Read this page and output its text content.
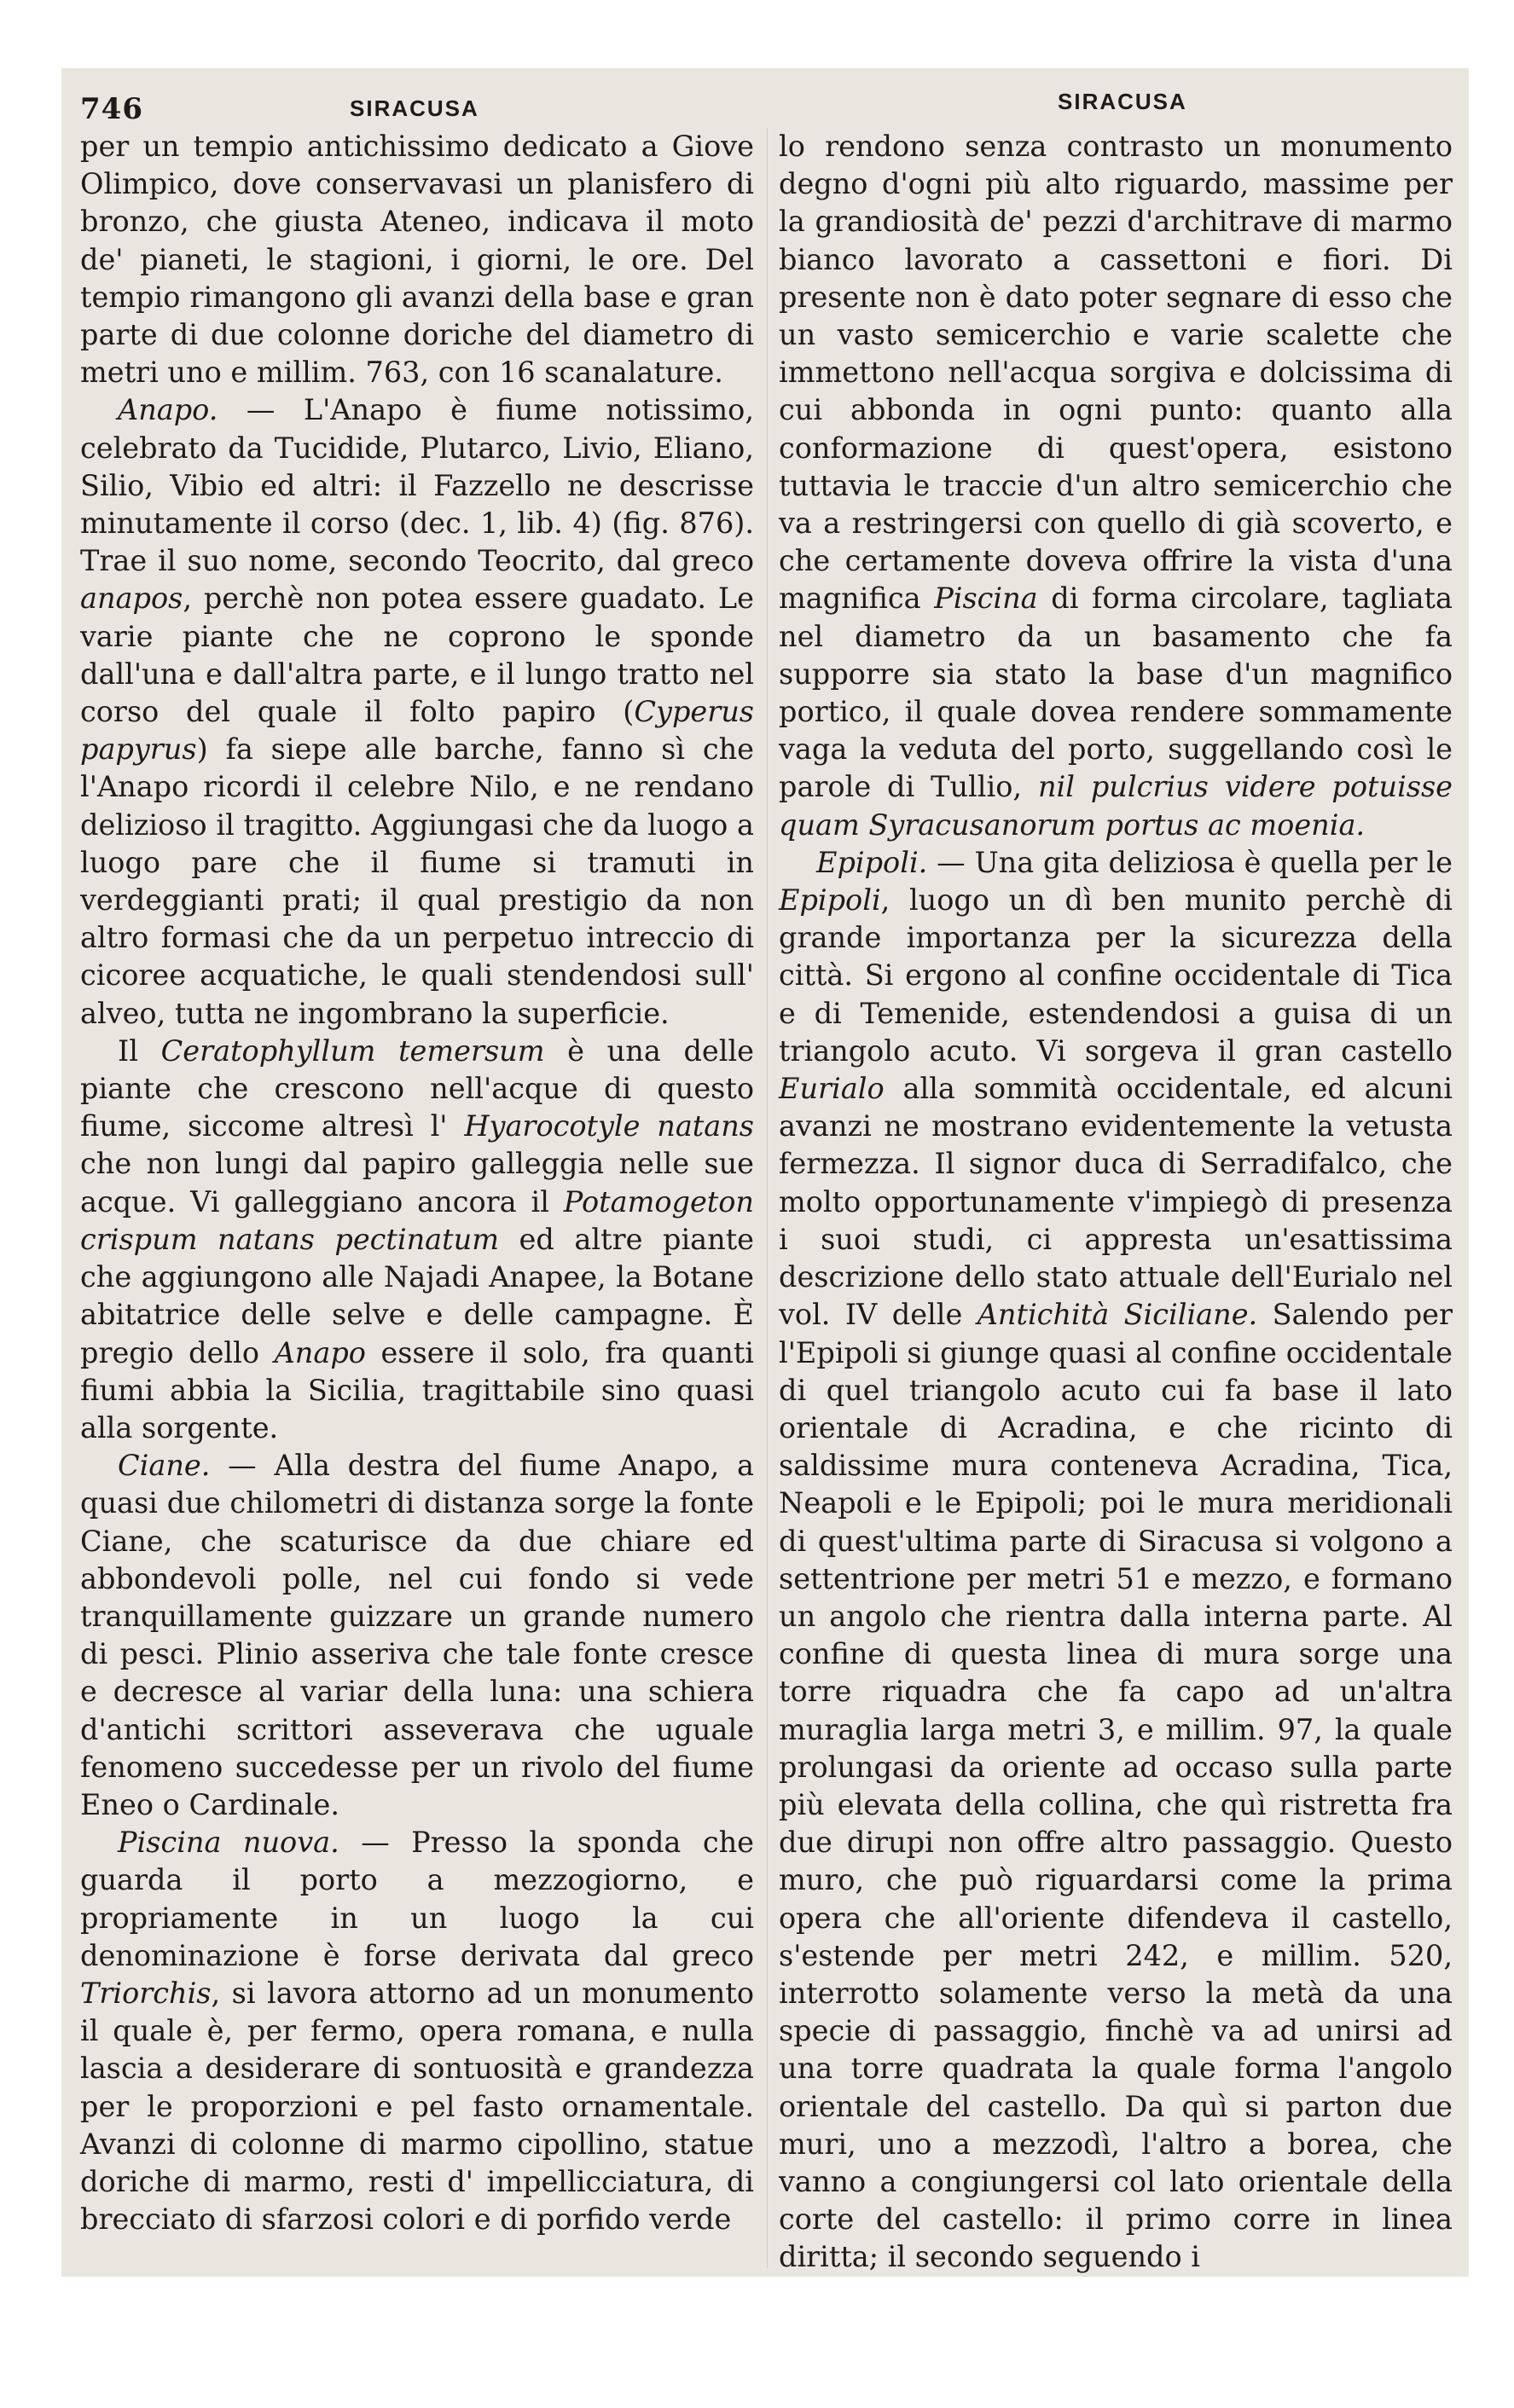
746	SIRACUSA	SIRACUSA

per un tempio antichissimo dedicato a Giove Olimpico, dove conservavasi un planisfero di bronzo, che giusta Ateneo, indicava il moto de' pianeti, le stagioni, i giorni, le ore. Del tempio rimangono gli avanzi della base e gran parte di due colonne doriche del diametro di metri uno e millim. 763, con 16 scanalature.

Anapo. — L'Anapo è fiume notissimo, celebrato da Tucidide, Plutarco, Livio, Eliano, Silio, Vibio ed altri: il Fazzello ne descrisse minutamente il corso (dec. 1, lib. 4) (fig. 876). Trae il suo nome, secondo Teocrito, dal greco anapos, perchè non potea essere guadato. Le varie piante che ne coprono le sponde dall'una e dall'altra parte, e il lungo tratto nel corso del quale il folto papiro (Cyperus papyrus) fa siepe alle barche, fanno sì che l'Anapo ricordi il celebre Nilo, e ne rendano delizioso il tragitto. Aggiungasi che da luogo a luogo pare che il fiume si tramuti in verdeggianti prati; il qual prestigio da non altro formasi che da un perpetuo intreccio di cicoree acquatiche, le quali stendendosi sull' alveo, tutta ne ingombrano la superficie.

Il Ceratophyllum temersum è una delle piante che crescono nell'acque di questo fiume, siccome altresì l' Hyarocotyle natans che non lungi dal papiro galleggia nelle sue acque. Vi galleggiano ancora il Potamogeton crispum natans pectinatum ed altre piante che aggiungono alle Najadi Anapee, la Botane abitatrice delle selve e delle campagne. È pregio dello Anapo essere il solo, fra quanti fiumi abbia la Sicilia, tragittabile sino quasi alla sorgente.

Ciane. — Alla destra del fiume Anapo, a quasi due chilometri di distanza sorge la fonte Ciane, che scaturisce da due chiare ed abbondevoli polle, nel cui fondo si vede tranquillamente guizzare un grande numero di pesci. Plinio asseriva che tale fonte cresce e decresce al variar della luna: una schiera d'antichi scrittori asseverava che uguale fenomeno succedesse per un rivolo del fiume Eneo o Cardinale.

Piscina nuova. — Presso la sponda che guarda il porto a mezzogiorno, e propriamente in un luogo la cui denominazione è forse derivata dal greco Triorchis, si lavora attorno ad un monumento il quale è, per fermo, opera romana, e nulla lascia a desiderare di sontuosità e grandezza per le proporzioni e pel fasto ornamentale. Avanzi di colonne di marmo cipollino, statue doriche di marmo, resti d' impellicciatura, di brecciato di sfarzosi colori e di porfido verde

lo rendono senza contrasto un monumento degno d'ogni più alto riguardo, massime per la grandiosità de' pezzi d'architrave di marmo bianco lavorato a cassettoni e fiori. Di presente non è dato poter segnare di esso che un vasto semicerchio e varie scalette che immettono nell'acqua sorgiva e dolcissima di cui abbonda in ogni punto: quanto alla conformazione di quest'opera, esistono tuttavia le traccie d'un altro semicerchio che va a restringersi con quello di già scoverto, e che certamente doveva offrire la vista d'una magnifica Piscina di forma circolare, tagliata nel diametro da un basamento che fa supporre sia stato la base d'un magnifico portico, il quale dovea rendere sommamente vaga la veduta del porto, suggellando così le parole di Tullio, nil pulcrius videre potuisse quam Syracusanorum portus ac moenia.

Epipoli. — Una gita deliziosa è quella per le Epipoli, luogo un dì ben munito perchè di grande importanza per la sicurezza della città. Si ergono al confine occidentale di Tica e di Temenide, estendendosi a guisa di un triangolo acuto. Vi sorgeva il gran castello Eurialo alla sommità occidentale, ed alcuni avanzi ne mostrano evidentemente la vetusta fermezza. Il signor duca di Serradifalco, che molto opportunamente v'impiegò di presenza i suoi studi, ci appresta un'esattissima descrizione dello stato attuale dell'Eurialo nel vol. IV delle Antichità Siciliane. Salendo per l'Epipoli si giunge quasi al confine occidentale di quel triangolo acuto cui fa base il lato orientale di Acradina, e che ricinto di saldissime mura conteneva Acradina, Tica, Neapoli e le Epipoli; poi le mura meridionali di quest'ultima parte di Siracusa si volgono a settentrione per metri 51 e mezzo, e formano un angolo che rientra dalla interna parte. Al confine di questa linea di mura sorge una torre riquadra che fa capo ad un'altra muraglia larga metri 3, e millim. 97, la quale prolungasi da oriente ad occaso sulla parte più elevata della collina, che quì ristretta fra due dirupi non offre altro passaggio. Questo muro, che può riguardarsi come la prima opera che all'oriente difendeva il castello, s'estende per metri 242, e millim. 520, interrotto solamente verso la metà da una specie di passaggio, finchè va ad unirsi ad una torre quadrata la quale forma l'angolo orientale del castello. Da quì si parton due muri, uno a mezzodì, l'altro a borea, che vanno a congiungersi col lato orientale della corte del castello: il primo corre in linea diritta; il secondo seguendo i
